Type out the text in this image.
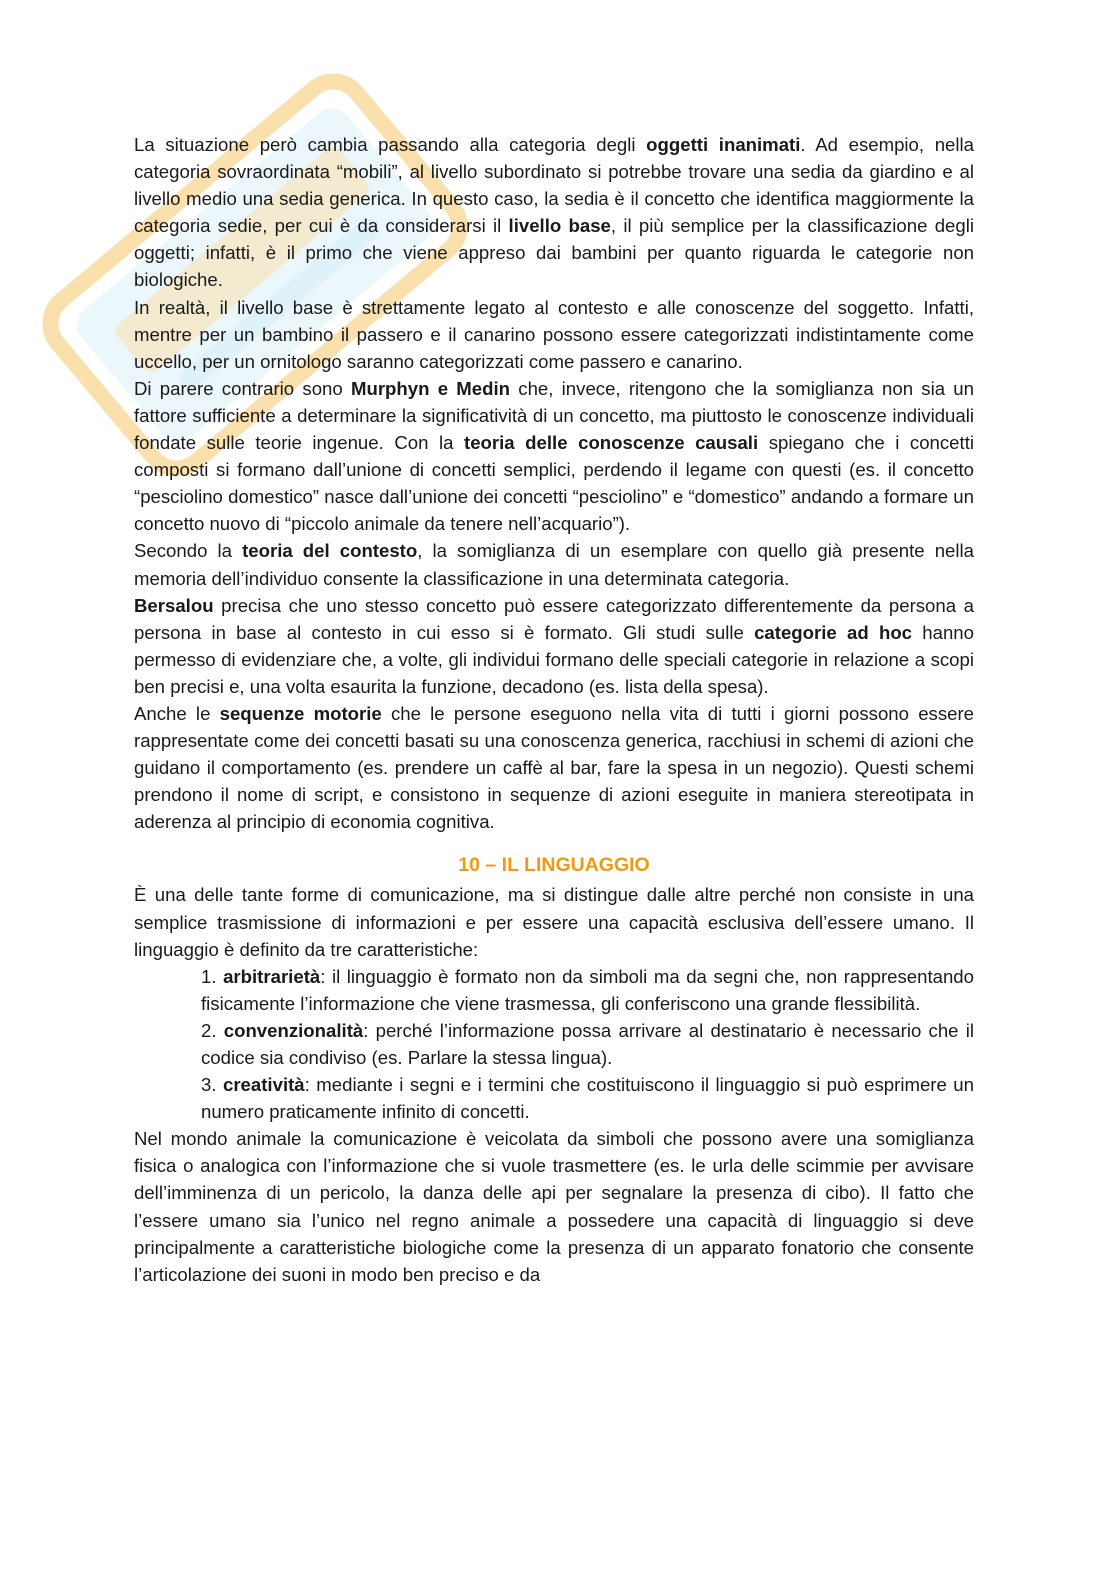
La situazione però cambia passando alla categoria degli oggetti inanimati. Ad esempio, nella categoria sovraordinata “mobili”, al livello subordinato si potrebbe trovare una sedia da giardino e al livello medio una sedia generica. In questo caso, la sedia è il concetto che identifica maggiormente la categoria sedie, per cui è da considerarsi il livello base, il più semplice per la classificazione degli oggetti; infatti, è il primo che viene appreso dai bambini per quanto riguarda le categorie non biologiche.

In realtà, il livello base è strettamente legato al contesto e alle conoscenze del soggetto. Infatti, mentre per un bambino il passero e il canarino possono essere categorizzati indistintamente come uccello, per un ornitologo saranno categorizzati come passero e canarino.

Di parere contrario sono Murphyn e Medin che, invece, ritengono che la somiglianza non sia un fattore sufficiente a determinare la significatività di un concetto, ma piuttosto le conoscenze individuali fondate sulle teorie ingenue. Con la teoria delle conoscenze causali spiegano che i concetti composti si formano dall’unione di concetti semplici, perdendo il legame con questi (es. il concetto “pesciolino domestico” nasce dall’unione dei concetti “pesciolino” e “domestico” andando a formare un concetto nuovo di “piccolo animale da tenere nell’acquario”).

Secondo la teoria del contesto, la somiglianza di un esemplare con quello già presente nella memoria dell’individuo consente la classificazione in una determinata categoria.

Bersalou precisa che uno stesso concetto può essere categorizzato differentemente da persona a persona in base al contesto in cui esso si è formato. Gli studi sulle categorie ad hoc hanno permesso di evidenziare che, a volte, gli individui formano delle speciali categorie in relazione a scopi ben precisi e, una volta esaurita la funzione, decadono (es. lista della spesa).

Anche le sequenze motorie che le persone eseguono nella vita di tutti i giorni possono essere rappresentate come dei concetti basati su una conoscenza generica, racchiusi in schemi di azioni che guidano il comportamento (es. prendere un caffè al bar, fare la spesa in un negozio). Questi schemi prendono il nome di script, e consistono in sequenze di azioni eseguite in maniera stereotipata in aderenza al principio di economia cognitiva.

10 – IL LINGUAGGIO

È una delle tante forme di comunicazione, ma si distingue dalle altre perché non consiste in una semplice trasmissione di informazioni e per essere una capacità esclusiva dell’essere umano. Il linguaggio è definito da tre caratteristiche:

1. arbitrarietà: il linguaggio è formato non da simboli ma da segni che, non rappresentando fisicamente l’informazione che viene trasmessa, gli conferiscono una grande flessibilità.
2. convenzionalità: perché l’informazione possa arrivare al destinatario è necessario che il codice sia condiviso (es. Parlare la stessa lingua).
3. creatività: mediante i segni e i termini che costituiscono il linguaggio si può esprimere un numero praticamente infinito di concetti.

Nel mondo animale la comunicazione è veicolata da simboli che possono avere una somiglianza fisica o analogica con l’informazione che si vuole trasmettere (es. le urla delle scimmie per avvisare dell’imminenza di un pericolo, la danza delle api per segnalare la presenza di cibo). Il fatto che l’essere umano sia l’unico nel regno animale a possedere una capacità di linguaggio si deve principalmente a caratteristiche biologiche come la presenza di un apparato fonatorio che consente l’articolazione dei suoni in modo ben preciso e da
